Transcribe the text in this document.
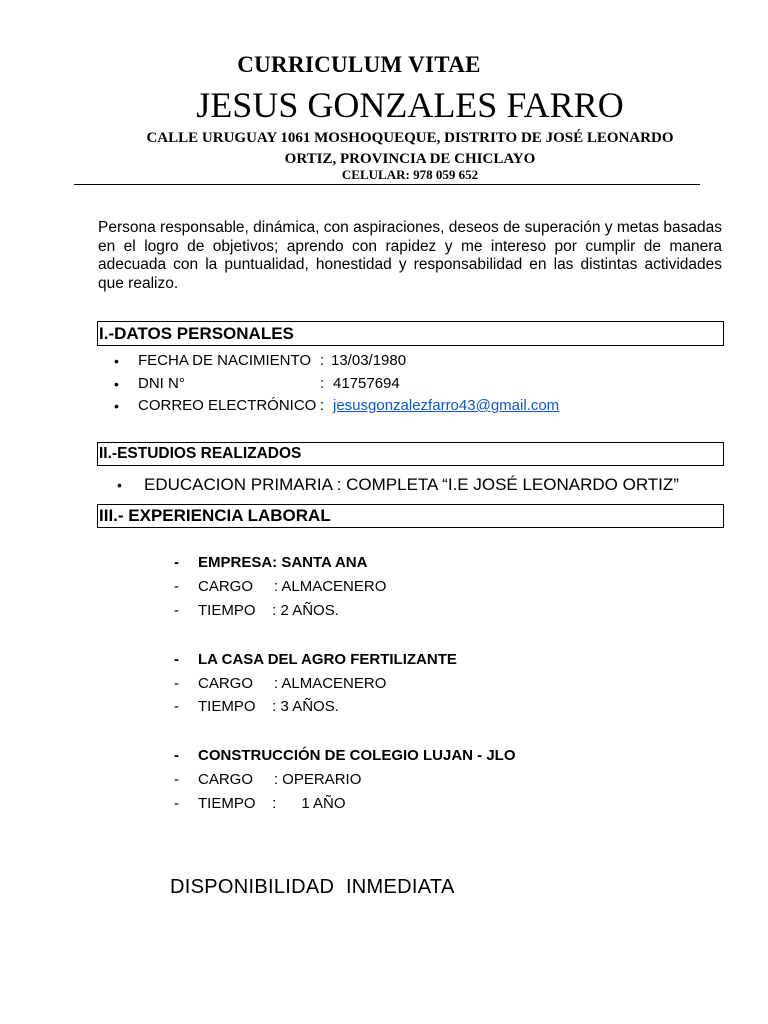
CURRICULUM VITAE
JESUS GONZALES FARRO
CALLE URUGUAY 1061 MOSHOQUEQUE, DISTRITO DE JOSÉ LEONARDO
ORTIZ, PROVINCIA DE CHICLAYO
CELULAR: 978 059 652
Persona responsable, dinámica, con aspiraciones, deseos de superación y metas basadas en el logro de objetivos; aprendo con rapidez y me intereso por cumplir de manera adecuada con la puntualidad, honestidad y responsabilidad en las distintas actividades que realizo.
I.-DATOS PERSONALES
• FECHA DE NACIMIENTO : 13/03/1980
• DNI N°	: 41757694
• CORREO ELECTRÓNICO : jesusgonzalezfarro43@gmail.com
II.-ESTUDIOS REALIZADOS
• EDUCACION PRIMARIA : COMPLETA “I.E JOSÉ LEONARDO ORTIZ”
III.- EXPERIENCIA LABORAL
- EMPRESA: SANTA ANA
- CARGO     : ALMACENERO
- TIEMPO    : 2 AÑOS.
- LA CASA DEL AGRO FERTILIZANTE
- CARGO     : ALMACENERO
- TIEMPO    : 3 AÑOS.
- CONSTRUCCIÓN DE COLEGIO LUJAN - JLO
- CARGO     : OPERARIO
- TIEMPO    :      1 AÑO
DISPONIBILIDAD  INMEDIATA
